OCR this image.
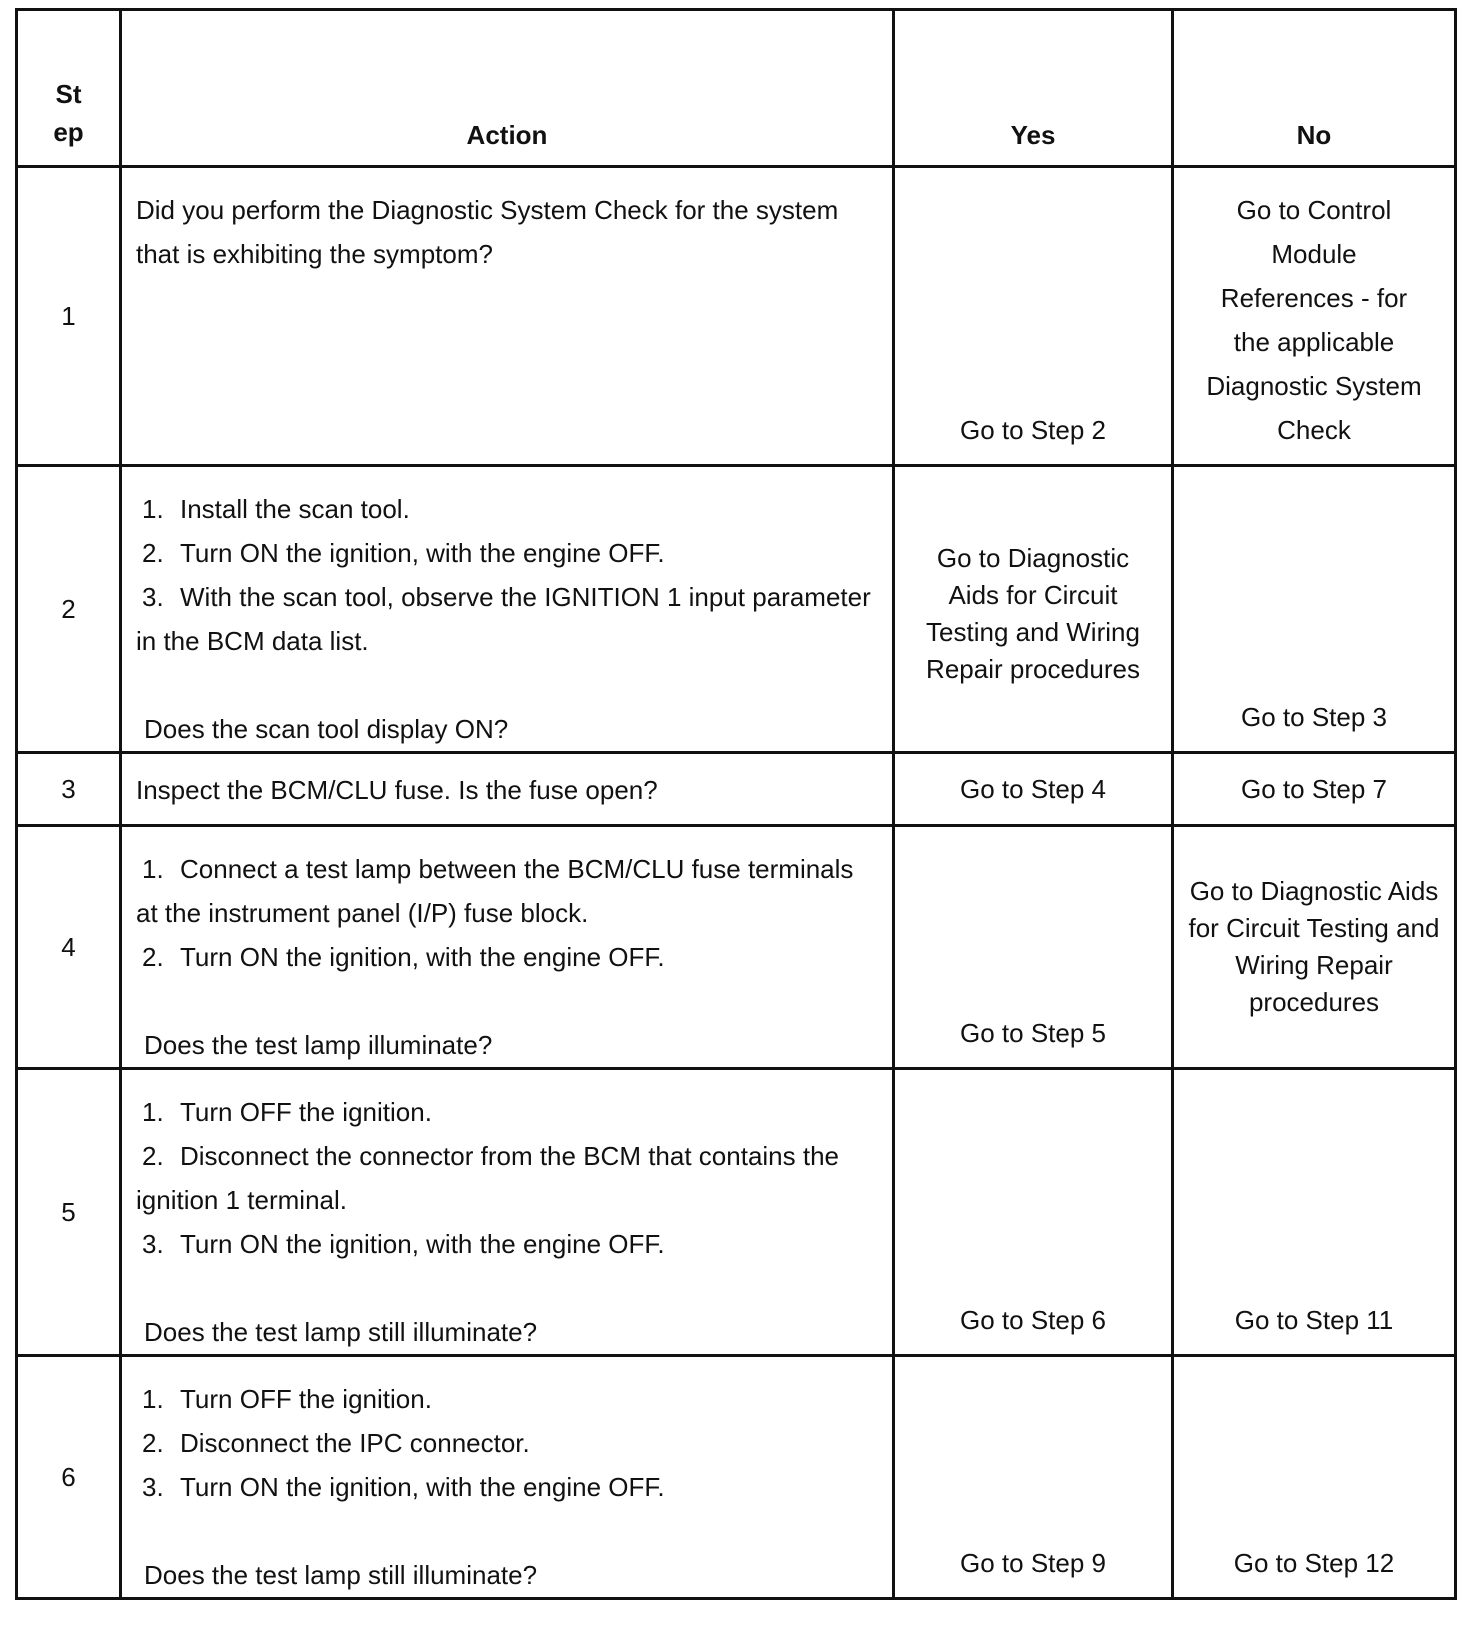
St
ep	Action	Yes	No
1	Did you perform the Diagnostic System Check for the system that is exhibiting the symptom?	Go to Step 2	Go to Control Module References - for the applicable Diagnostic System Check
2	1. Install the scan tool.
2. Turn ON the ignition, with the engine OFF.
3. With the scan tool, observe the IGNITION 1 input parameter in the BCM data list.
Does the scan tool display ON?	Go to Diagnostic Aids for Circuit Testing and Wiring Repair procedures	Go to Step 3
3	Inspect the BCM/CLU fuse. Is the fuse open?	Go to Step 4	Go to Step 7
4	1. Connect a test lamp between the BCM/CLU fuse terminals at the instrument panel (I/P) fuse block.
2. Turn ON the ignition, with the engine OFF.
Does the test lamp illuminate?	Go to Step 5	Go to Diagnostic Aids for Circuit Testing and Wiring Repair procedures
5	1. Turn OFF the ignition.
2. Disconnect the connector from the BCM that contains the ignition 1 terminal.
3. Turn ON the ignition, with the engine OFF.
Does the test lamp still illuminate?	Go to Step 6	Go to Step 11
6	1. Turn OFF the ignition.
2. Disconnect the IPC connector.
3. Turn ON the ignition, with the engine OFF.
Does the test lamp still illuminate?	Go to Step 9	Go to Step 12
